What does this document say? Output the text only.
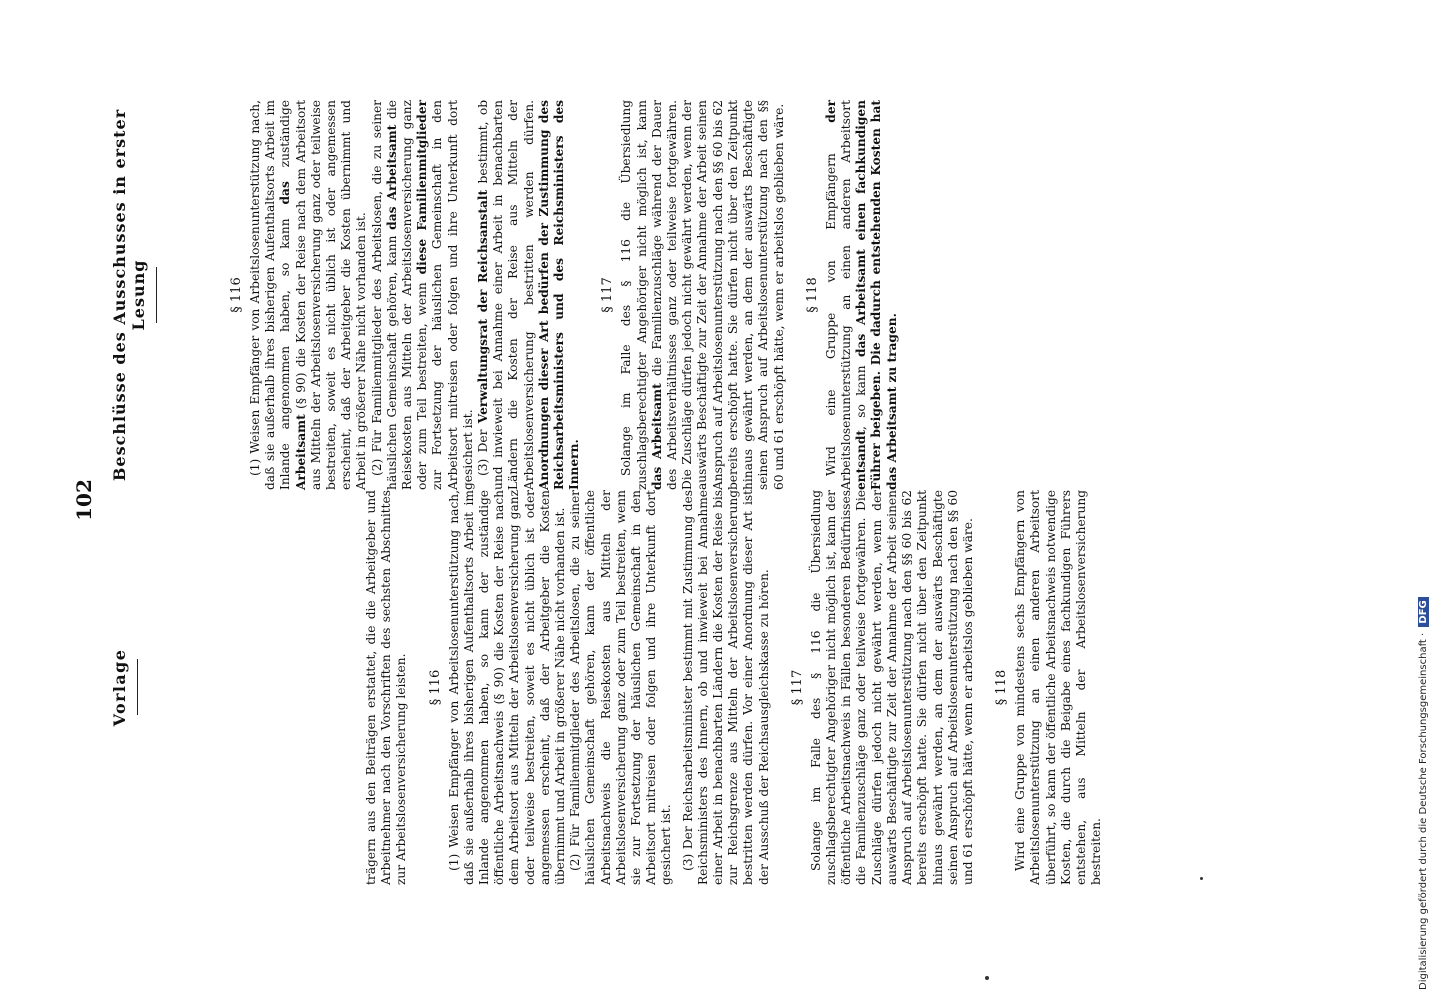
102
Vorlage	trägern aus den Beiträgen erstattet, die die Arbeitgeber und Arbeitnehmer nach den Vorschriften des sechsten Abschnittes zur Arbeitslosenversicherung leisten. § 116 (1) Weisen Empfänger von Arbeitslosenunterstützung nach, daß sie außerhalb ihres bisherigen Aufenthaltsorts Arbeit im Inlande angenommen haben, so kann der zuständige öffentliche Arbeitsnachweis (§ 90) die Kosten der Reise nach dem Arbeitsort aus Mitteln der Arbeitslosenversicherung ganz oder teilweise bestreiten, soweit es nicht üblich ist oder angemessen erscheint, daß der Arbeitgeber die Kosten übernimmt und Arbeit in größerer Nähe nicht vorhanden ist. (2) Für Familienmitglieder des Arbeitslosen, die zu seiner häuslichen Gemeinschaft gehören, kann der öffentliche Arbeitsnachweis die Reisekosten aus Mitteln der Arbeitslosenversicherung ganz oder zum Teil bestreiten, wenn sie zur Fortsetzung der häuslichen Gemeinschaft in den Arbeitsort mitreisen oder folgen und ihre Unterkunft dort gesichert ist. (3) Der Reichsarbeitsminister bestimmt mit Zustimmung des Reichsministers des Innern, ob und inwieweit bei Annahme einer Arbeit in benachbarten Ländern die Kosten der Reise bis zur Reichsgrenze aus Mitteln der Arbeitslosenversicherung bestritten werden dürfen. Vor einer Anordnung dieser Art ist der Ausschuß der Reichsausgleichskasse zu hören. § 117 Solange im Falle des § 116 die Übersiedlung zuschlagsberechtigter Angehöriger nicht möglich ist, kann der öffentliche Arbeitsnachweis in Fällen besonderen Bedürfnisses die Familienzuschläge ganz oder teilweise fortgewähren. Die Zuschläge dürfen jedoch nicht gewährt werden, wenn der auswärts Beschäftigte zur Zeit der Annahme der Arbeit seinen Anspruch auf Arbeitslosenunterstützung nach den §§ 60 bis 62 bereits erschöpft hatte. Sie dürfen nicht über den Zeitpunkt hinaus gewährt werden, an dem der auswärts Beschäftigte seinen Anspruch auf Arbeitslosenunterstützung nach den §§ 60 und 61 erschöpft hätte, wenn er arbeitslos geblieben wäre. § 118 Wird eine Gruppe von mindestens sechs Empfängern von Arbeitslosenunterstützung an einen anderen Arbeitsort überführt, so kann der öffentliche Arbeitsnachweis notwendige Kosten, die durch die Beigabe eines fachkundigen Führers entstehen, aus Mitteln der Arbeitslosenversicherung bestreiten.

Beschlüsse des Ausschusses in erster Lesung	§ 116 (1) Weisen Empfänger von Arbeitslosenunterstützung nach, daß sie außerhalb ihres bisherigen Aufenthaltsorts Arbeit im Inlande angenommen haben, so kann das zuständige Arbeitsamt (§ 90) die Kosten der Reise nach dem Arbeitsort aus Mitteln der Arbeitslosenversicherung ganz oder teilweise bestreiten, soweit es nicht üblich ist oder angemessen erscheint, daß der Arbeitgeber die Kosten übernimmt und Arbeit in größerer Nähe nicht vorhanden ist. (2) Für Familienmitglieder des Arbeitslosen, die zu seiner häuslichen Gemeinschaft gehören, kann das Arbeitsamt die Reisekosten aus Mitteln der Arbeitslosenversicherung ganz oder zum Teil bestreiten, wenn diese Familienmitglieder zur Fortsetzung der häuslichen Gemeinschaft in den Arbeitsort mitreisen oder folgen und ihre Unterkunft dort gesichert ist. (3) Der Verwaltungsrat der Reichsanstalt bestimmt, ob und inwieweit bei Annahme einer Arbeit in benachbarten Ländern die Kosten der Reise aus Mitteln der Arbeitslosenversicherung bestritten werden dürfen. Anordnungen dieser Art bedürfen der Zustimmung des Reichsarbeitsministers und des Reichsministers des Innern.

§ 117 Solange im Falle des § 116 die Übersiedlung zuschlagsberechtigter Angehöriger nicht möglich ist, kann das Arbeitsamt die Familienzuschläge während der Dauer des Arbeitsverhältnisses ganz oder teilweise fortgewähren. Die Zuschläge dürfen jedoch nicht gewährt werden, wenn der auswärts Beschäftigte zur Zeit der Annahme der Arbeit seinen Anspruch auf Arbeitslosenunterstützung nach den §§ 60 bis 62 bereits erschöpft hatte. Sie dürfen nicht über den Zeitpunkt hinaus gewährt werden, an dem der auswärts Beschäftigte seinen Anspruch auf Arbeitslosenunterstützung nach den §§ 60 und 61 erschöpft hätte, wenn er arbeitslos geblieben wäre. § 118 Wird eine Gruppe von Empfängern der Arbeitslosenunterstützung an einen anderen Arbeitsort entsandt, so kann das Arbeitsamt einen fachkundigen Führer beigeben. Die dadurch entstehenden Kosten hat das Arbeitsamt zu tragen.

Digitalisierung gefördert durch die Deutsche Forschungsgemeinschaft · DFG
